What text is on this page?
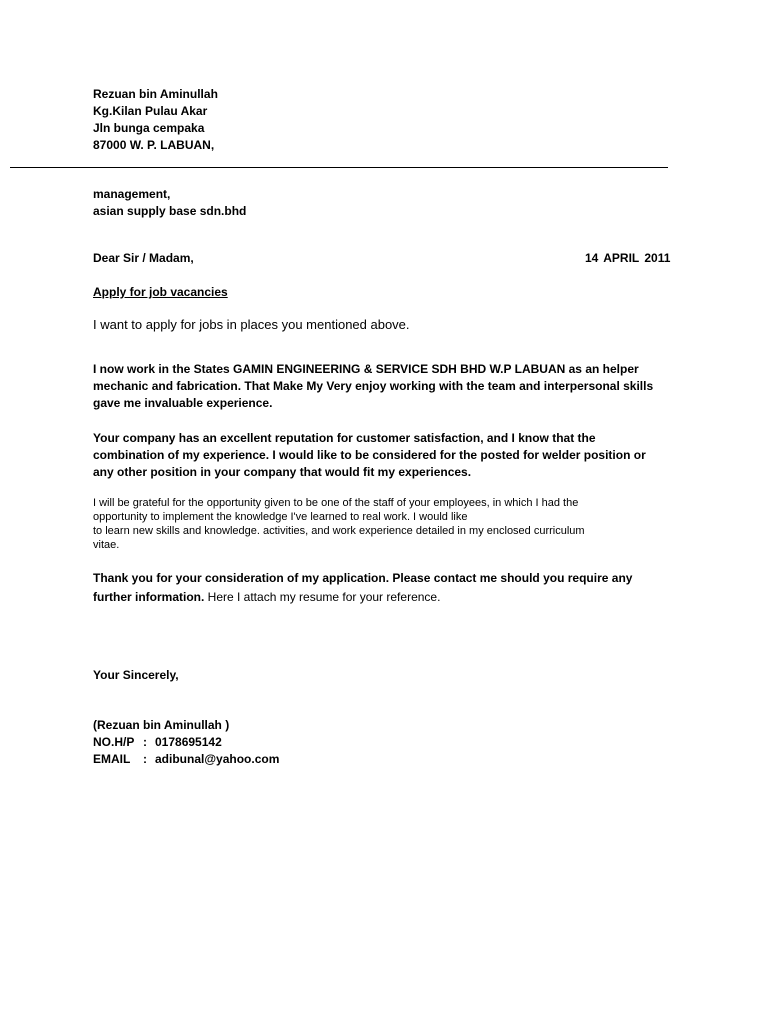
Rezuan bin Aminullah
Kg.Kilan Pulau Akar
Jln bunga cempaka
87000 W. P. LABUAN,
management,
asian supply base sdn.bhd
Dear Sir / Madam,	14 APRIL 2011
Apply for job vacancies
I want to apply for jobs in places you mentioned above.
I now work in the States GAMIN ENGINEERING & SERVICE SDH BHD W.P LABUAN as an helper
mechanic and fabrication. That Make My Very enjoy working with the team and interpersonal skills
gave me invaluable experience.
Your company has an excellent reputation for customer satisfaction, and I know that the
combination of my experience. I would like to be considered for the posted for welder position or
any other position in your company that would fit my experiences.
I will be grateful for the opportunity given to be one of the staff of your employees, in which I had the
opportunity to implement the knowledge I've learned to real work. I would like
to learn new skills and knowledge. activities, and work experience detailed in my enclosed curriculum
vitae.
Thank you for your consideration of my application. Please contact me should you require any
further information. Here I attach my resume for your reference.
Your Sincerely,
(Rezuan bin Aminullah )
NO.H/P : 0178695142
EMAIL : adibunal@yahoo.com
